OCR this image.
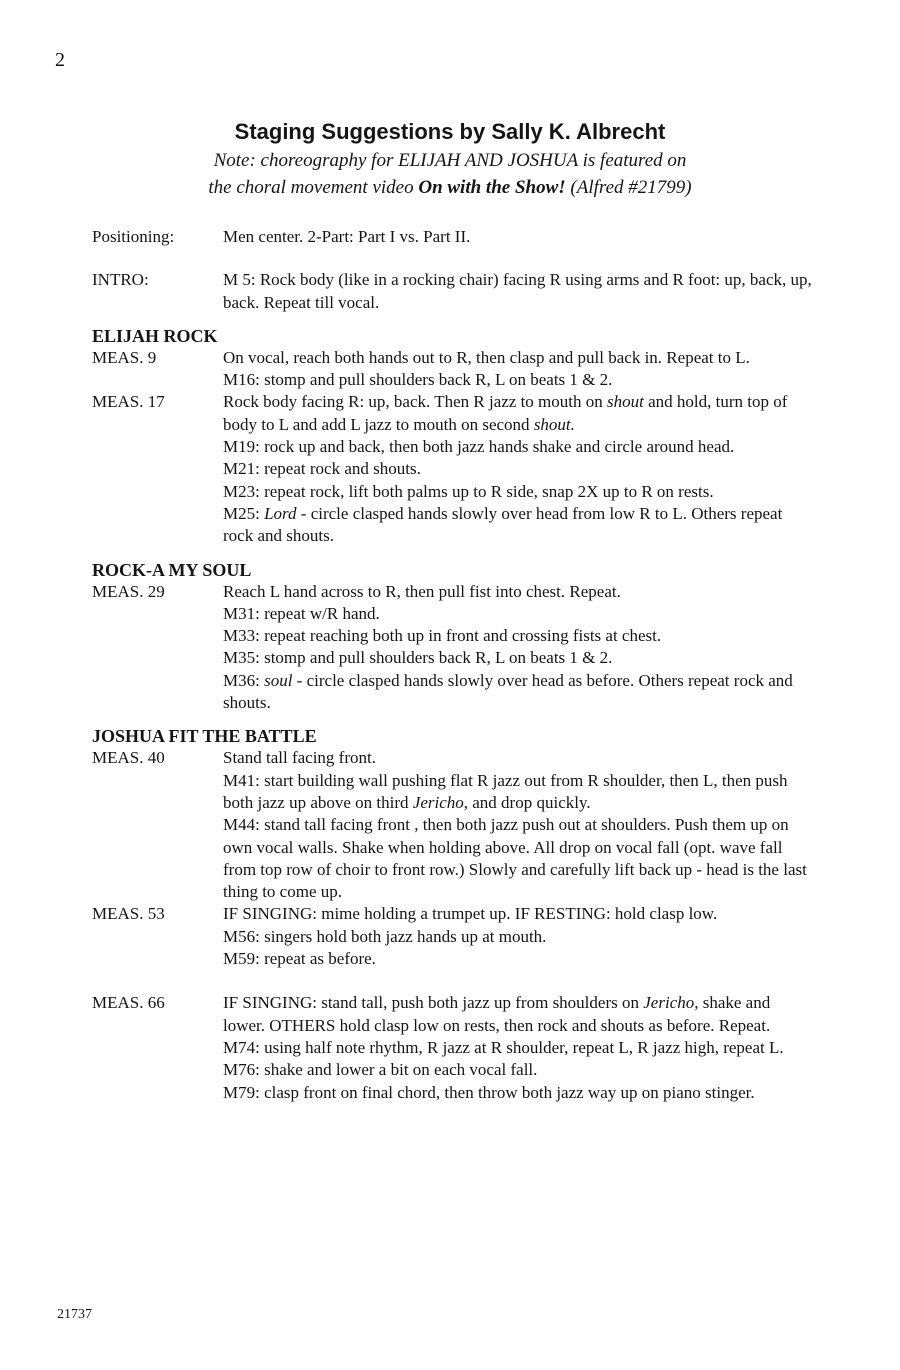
2

Staging Suggestions by Sally K. Albrecht

Note: choreography for ELIJAH AND JOSHUA is featured on
the choral movement video On with the Show! (Alfred #21799)

Positioning:	Men center. 2-Part: Part I vs. Part II.

INTRO:	M 5: Rock body (like in a rocking chair) facing R using arms and R foot: up, back, up, back. Repeat till vocal.

ELIJAH ROCK

MEAS. 9	On vocal, reach both hands out to R, then clasp and pull back in. Repeat to L.

M16: stomp and pull shoulders back R, L on beats 1 & 2.

MEAS. 17	Rock body facing R: up, back. Then R jazz to mouth on shout and hold, turn top of body to L and add L jazz to mouth on second shout.

M19: rock up and back, then both jazz hands shake and circle around head.

M21: repeat rock and shouts.

M23: repeat rock, lift both palms up to R side, snap 2X up to R on rests.

M25: Lord - circle clasped hands slowly over head from low R to L. Others repeat rock and shouts.

ROCK-A MY SOUL

MEAS. 29	Reach L hand across to R, then pull fist into chest. Repeat.

M31: repeat w/R hand.

M33: repeat reaching both up in front and crossing fists at chest.

M35: stomp and pull shoulders back R, L on beats 1 & 2.

M36: soul - circle clasped hands slowly over head as before. Others repeat rock and shouts.

JOSHUA FIT THE BATTLE

MEAS. 40	Stand tall facing front.

M41: start building wall pushing flat R jazz out from R shoulder, then L, then push both jazz up above on third Jericho, and drop quickly.

M44: stand tall facing front , then both jazz push out at shoulders. Push them up on own vocal walls. Shake when holding above. All drop on vocal fall (opt. wave fall from top row of choir to front row.) Slowly and carefully lift back up - head is the last thing to come up.

MEAS. 53	IF SINGING: mime holding a trumpet up. IF RESTING: hold clasp low.

M56: singers hold both jazz hands up at mouth.

M59: repeat as before.

MEAS. 66	IF SINGING: stand tall, push both jazz up from shoulders on Jericho, shake and lower. OTHERS hold clasp low on rests, then rock and shouts as before. Repeat.

M74: using half note rhythm, R jazz at R shoulder, repeat L, R jazz high, repeat L.

M76: shake and lower a bit on each vocal fall.

M79: clasp front on final chord, then throw both jazz way up on piano stinger.

21737
